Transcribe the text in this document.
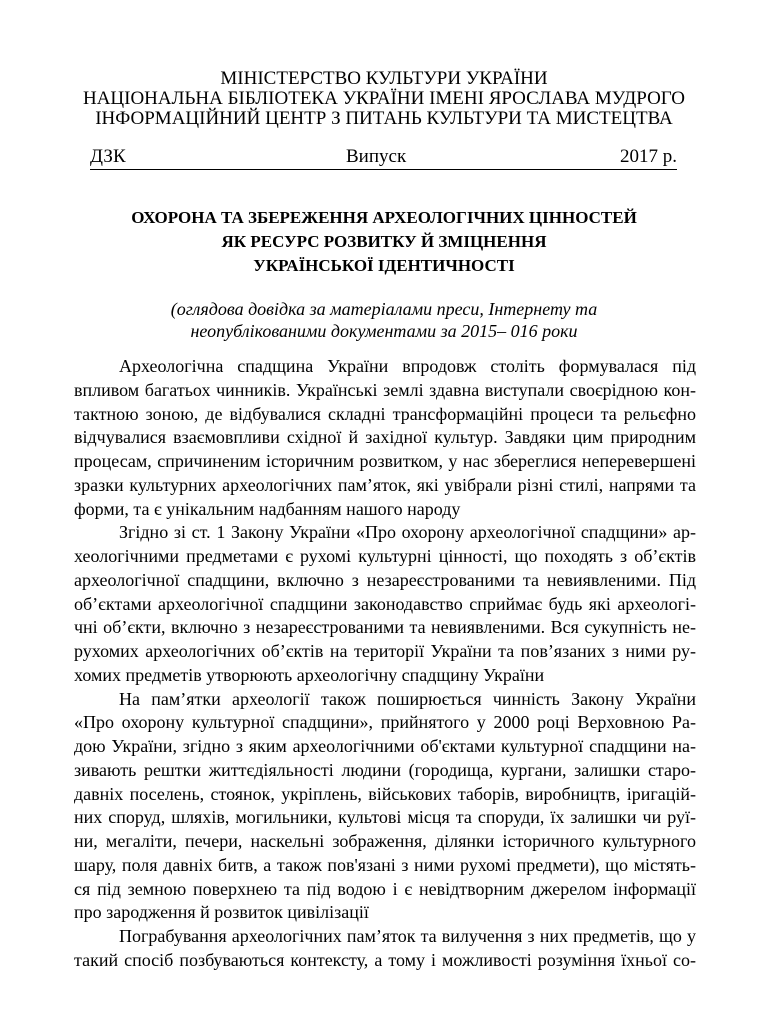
МІНІСТЕРСТВО КУЛЬТУРИ УКРАЇНИ
НАЦІОНАЛЬНА БІБЛІОТЕКА УКРАЇНИ ІМЕНІ ЯРОСЛАВА МУДРОГО
ІНФОРМАЦІЙНИЙ ЦЕНТР З ПИТАНЬ КУЛЬТУРИ ТА МИСТЕЦТВА
ДЗК	Випуск	2017 р.
ОХОРОНА ТА ЗБЕРЕЖЕННЯ АРХЕОЛОГІЧНИХ ЦІННОСТЕЙ
ЯК РЕСУРС РОЗВИТКУ Й ЗМІЦНЕННЯ
УКРАЇНСЬКОЇ ІДЕНТИЧНОСТІ
(оглядова довідка за матеріалами преси, Інтернету та
неопублікованими документами за 2015– 016 роки
Археологічна спадщина України впродовж століть формувалася під
впливом багатьох чинників. Українські землі здавна виступали своєрідною кон-
тактною зоною, де відбувалися складні трансформаційні процеси та рельєфно
відчувалися взаємовпливи східної й західної культур. Завдяки цим природним
процесам, спричиненим історичним розвитком, у нас збереглися неперевершені
зразки культурних археологічних пам’яток, які увібрали різні стилі, напрями та
форми, та є унікальним надбанням нашого народу
Згідно зі ст. 1 Закону України «Про охорону археологічної спадщини» ар-
хеологічними предметами є рухомі культурні цінності, що походять з об’єктів
археологічної спадщини, включно з незареєстрованими та невиявленими. Під
об’єктами археологічної спадщини законодавство сприймає будь які археологі-
чні об’єкти, включно з незареєстрованими та невиявленими. Вся сукупність не-
рухомих археологічних об’єктів на території України та пов’язаних з ними ру-
хомих предметів утворюють археологічну спадщину України
На пам’ятки археології також поширюється чинність Закону України
«Про охорону культурної спадщини», прийнятого у 2000 році Верховною Ра-
дою України, згідно з яким археологічними об'єктами культурної спадщини на-
зивають рештки життєдіяльності людини (городища, кургани, залишки старо-
давніх поселень, стоянок, укріплень, військових таборів, виробництв, іригацій-
них споруд, шляхів, могильники, культові місця та споруди, їх залишки чи руї-
ни, мегаліти, печери, наскельні зображення, ділянки історичного культурного
шару, поля давніх битв, а також пов'язані з ними рухомі предмети), що містять-
ся під земною поверхнею та під водою і є невідтворним джерелом інформації
про зародження й розвиток цивілізації
Пограбування археологічних пам’яток та вилучення з них предметів, що у
такий спосіб позбуваються контексту, а тому і можливості розуміння їхньої со-
